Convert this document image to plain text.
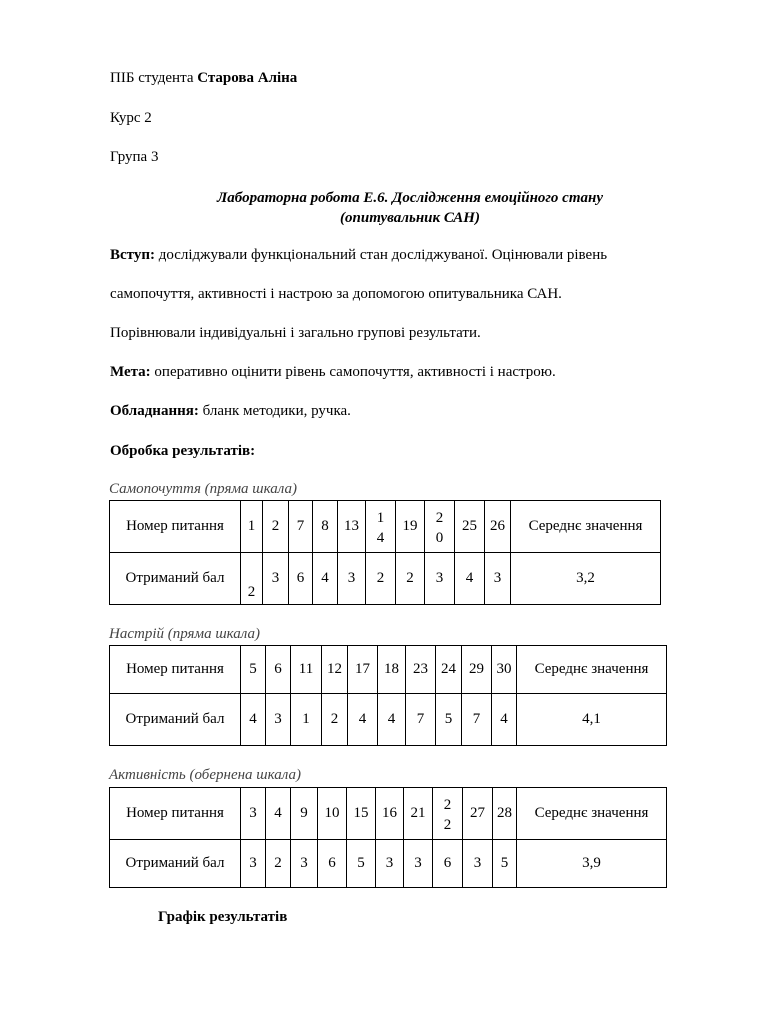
ПІБ студента Старова Аліна
Курс 2
Група 3
Лабораторна робота Е.6. Дослідження емоційного стану
(опитувальник САН)
Вступ: досліджували функціональний стан досліджуваної. Оцінювали рівень
самопочуття, активності і настрою за допомогою опитувальника САН.
Порівнювали індивідуальні і загально групові результати.
Мета: оперативно оцінити рівень самопочуття, активності і настрою.
Обладнання: бланк методики, ручка.
Обробка результатів:
Самопочуття (пряма шкала)
Номер питання	1	2	7	8	13	14	19	20	25	26	Середнє значення
Отриманий бал	2	3	6	4	3	2	2	3	4	3	3,2
Настрій (пряма шкала)
Номер питання	5	6	11	12	17	18	23	24	29	30	Середнє значення

Отриманий бал	4	3	1	2	4	4	7	5	7	4	4,1
Активність (обернена шкала)
Номер питання	3	4	9	10	15	16	21	22	27	28	Середнє значення
Отриманий бал	3	2	3	6	5	3	3	6	3	5	3,9
Графік результатів
